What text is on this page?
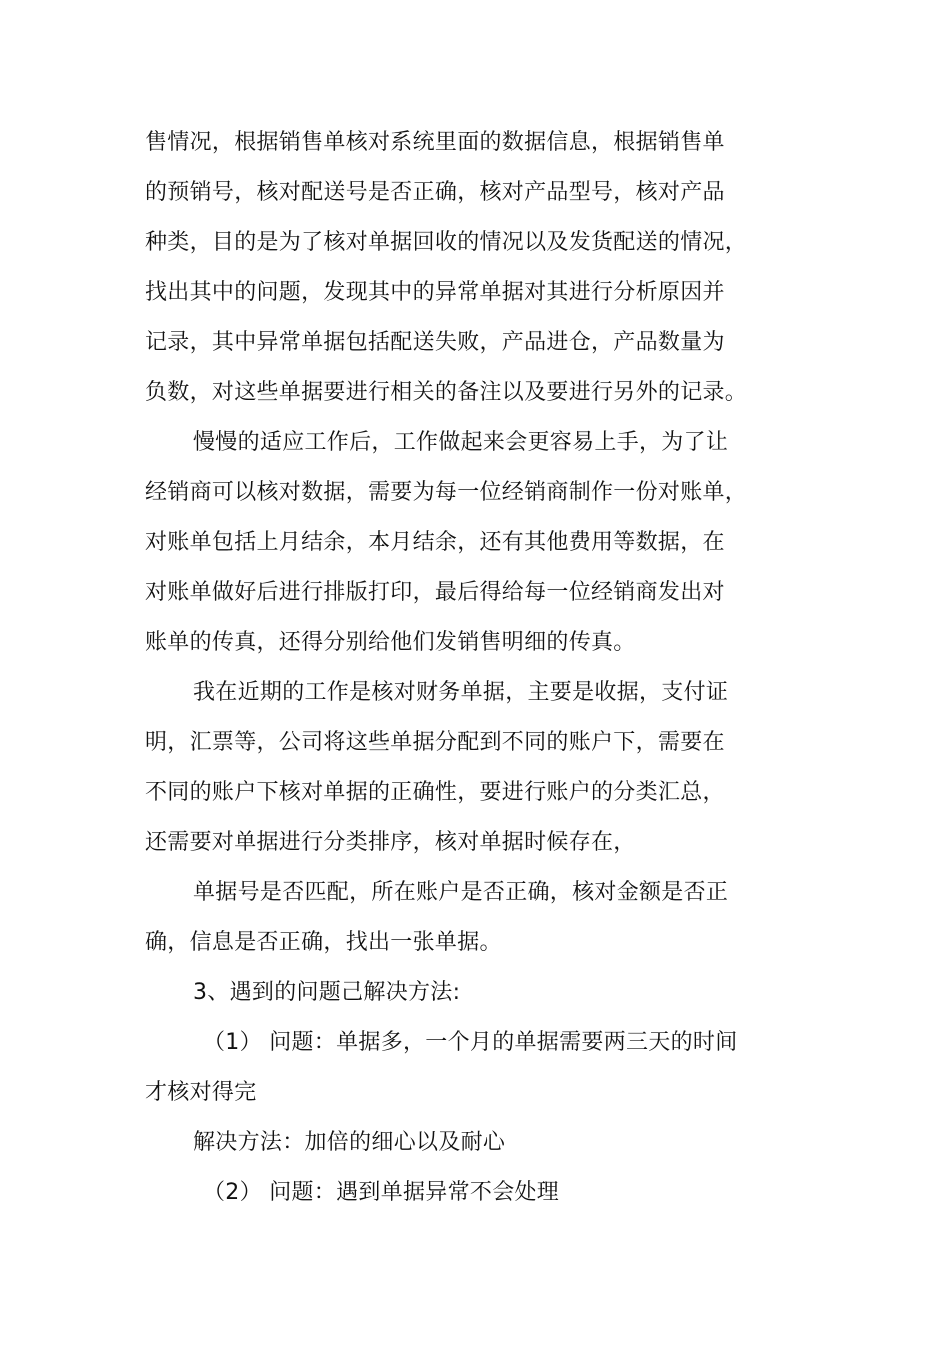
售情况，根据销售单核对系统里面的数据信息，根据销售单
的预销号，核对配送号是否正确，核对产品型号，核对产品
种类，目的是为了核对单据回收的情况以及发货配送的情况，
找出其中的问题，发现其中的异常单据对其进行分析原因并
记录，其中异常单据包括配送失败，产品进仓，产品数量为
负数，对这些单据要进行相关的备注以及要进行另外的记录。
慢慢的适应工作后，工作做起来会更容易上手，为了让
经销商可以核对数据，需要为每一位经销商制作一份对账单，
对账单包括上月结余，本月结余，还有其他费用等数据，在
对账单做好后进行排版打印，最后得给每一位经销商发出对
账单的传真，还得分别给他们发销售明细的传真。
我在近期的工作是核对财务单据，主要是收据，支付证
明，汇票等，公司将这些单据分配到不同的账户下，需要在
不同的账户下核对单据的正确性，要进行账户的分类汇总，
还需要对单据进行分类排序，核对单据时候存在，
单据号是否匹配，所在账户是否正确，核对金额是否正
确，信息是否正确，找出一张单据。
3、遇到的问题己解决方法:
（1） 问题：单据多，一个月的单据需要两三天的时间
才核对得完
解决方法：加倍的细心以及耐心
（2） 问题：遇到单据异常不会处理
